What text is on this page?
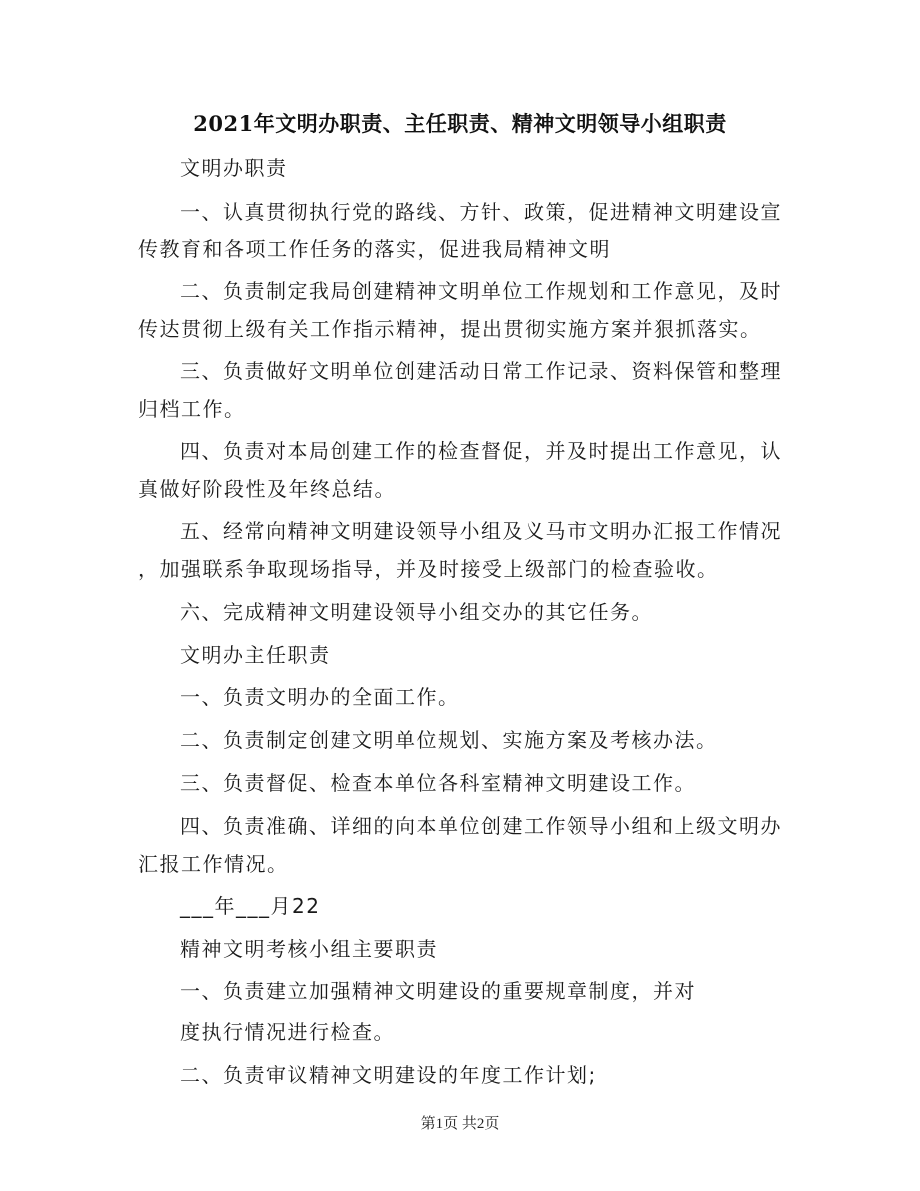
2021年文明办职责、主任职责、精神文明领导小组职责
文明办职责
一、认真贯彻执行党的路线、方针、政策，促进精神文明建设宣
传教育和各项工作任务的落实，促进我局精神文明
二、负责制定我局创建精神文明单位工作规划和工作意见，及时
传达贯彻上级有关工作指示精神，提出贯彻实施方案并狠抓落实。
三、负责做好文明单位创建活动日常工作记录、资料保管和整理
归档工作。
四、负责对本局创建工作的检查督促，并及时提出工作意见，认
真做好阶段性及年终总结。
五、经常向精神文明建设领导小组及义马市文明办汇报工作情况
，加强联系争取现场指导，并及时接受上级部门的检查验收。
六、完成精神文明建设领导小组交办的其它任务。
文明办主任职责
一、负责文明办的全面工作。
二、负责制定创建文明单位规划、实施方案及考核办法。
三、负责督促、检查本单位各科室精神文明建设工作。
四、负责准确、详细的向本单位创建工作领导小组和上级文明办
汇报工作情况。
___年___月22
精神文明考核小组主要职责
一、负责建立加强精神文明建设的重要规章制度，并对
度执行情况进行检查。
二、负责审议精神文明建设的年度工作计划;
第1页 共2页
